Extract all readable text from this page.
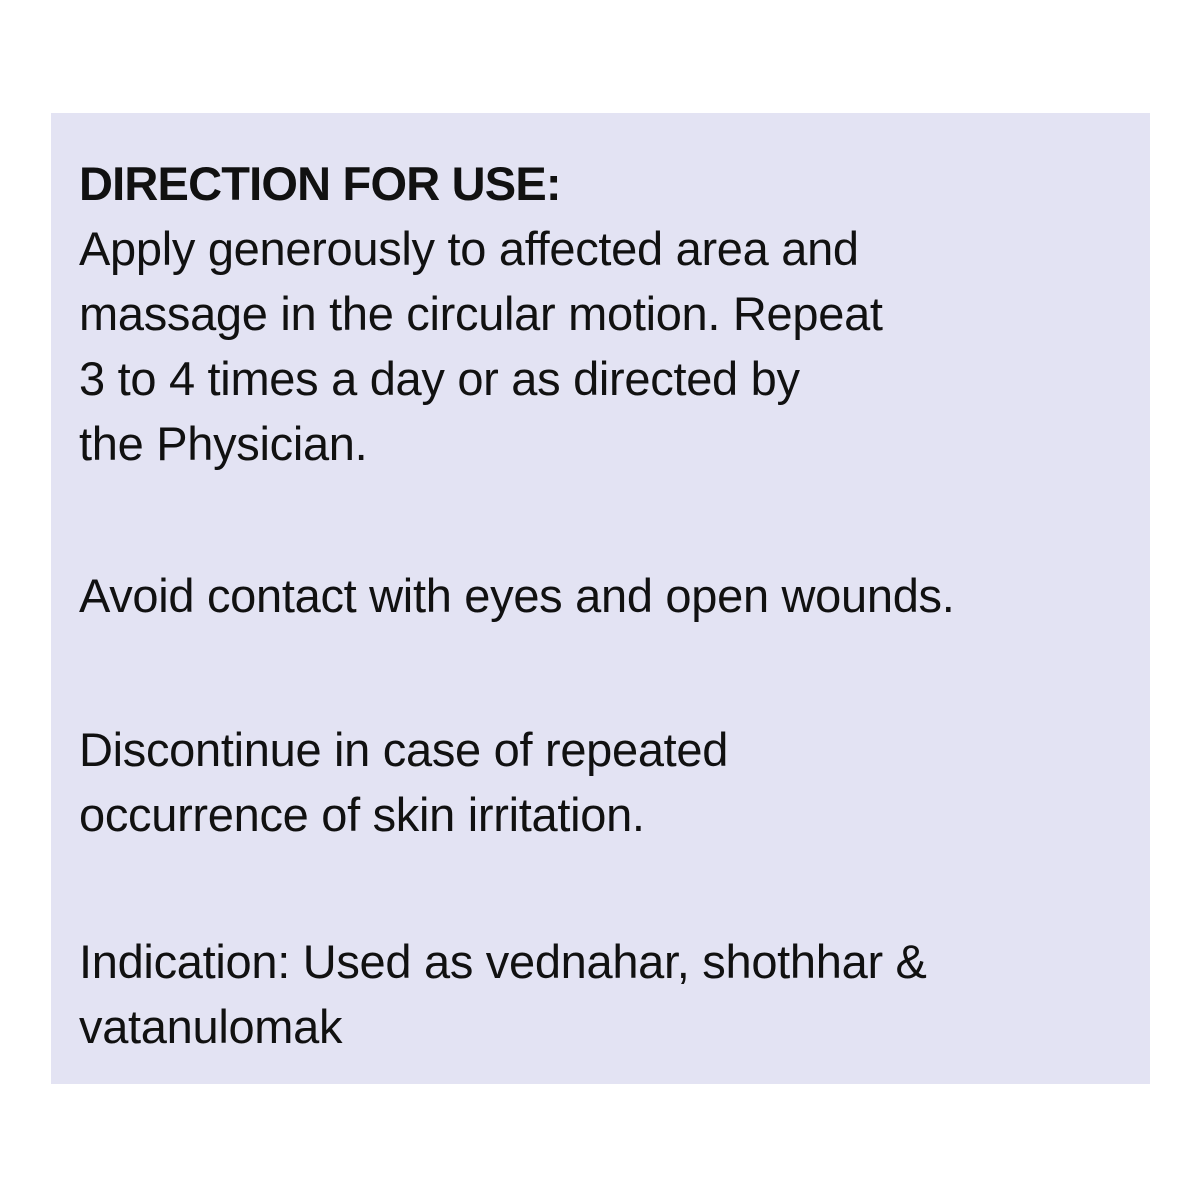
DIRECTION FOR USE:
Apply generously to affected area and
massage in the circular motion. Repeat
3 to 4 times a day or as directed by
the Physician.
Avoid contact with eyes and open wounds.
Discontinue in case of repeated
occurrence of skin irritation.
Indication: Used as vednahar, shothhar &
vatanulomak
